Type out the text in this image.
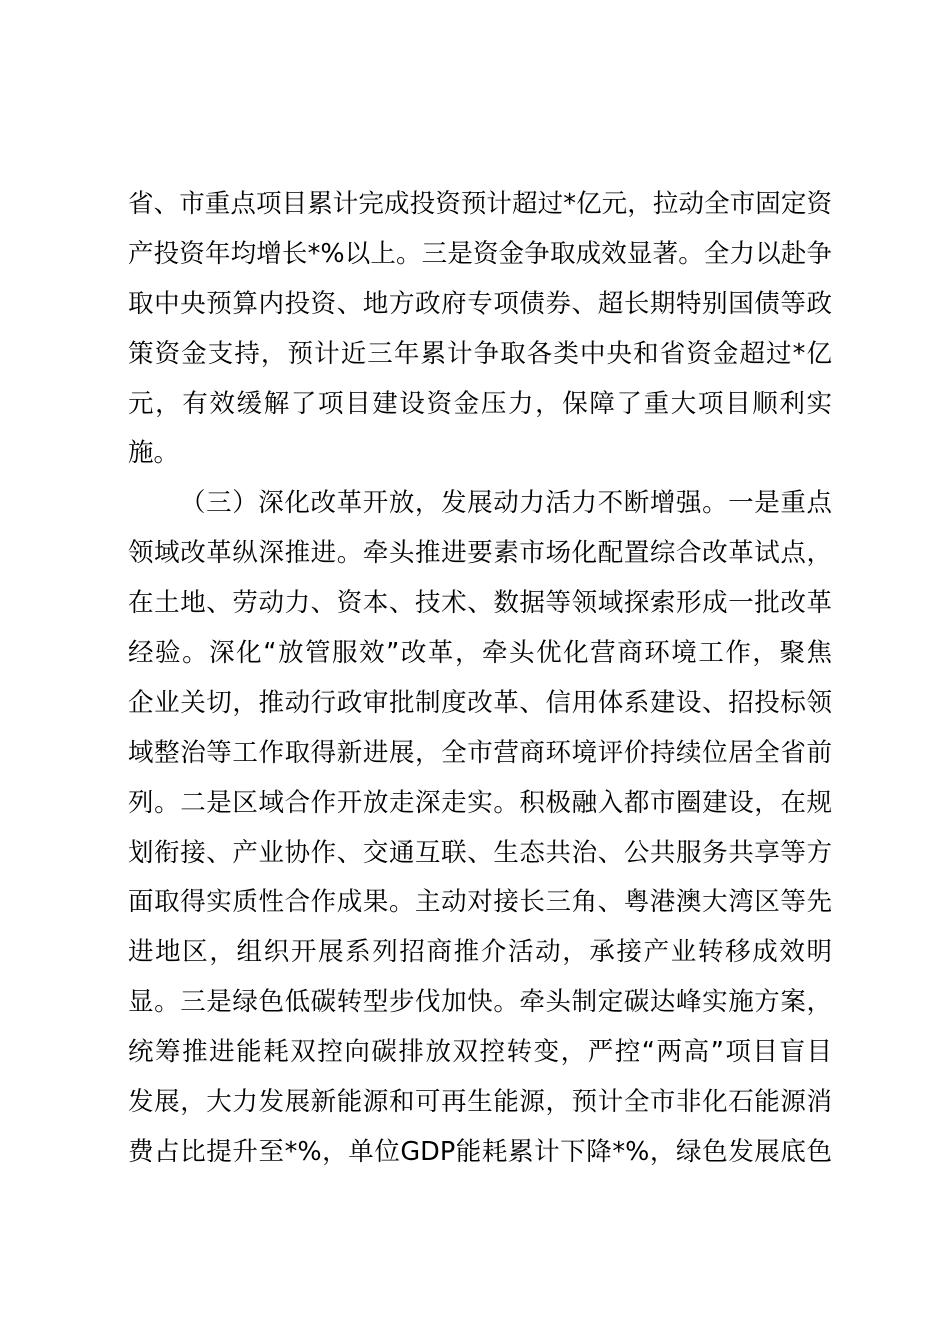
省、市重点项目累计完成投资预计超过*亿元，拉动全市固定资
产投资年均增长*%以上。三是资金争取成效显著。全力以赴争
取中央预算内投资、地方政府专项债券、超长期特别国债等政
策资金支持，预计近三年累计争取各类中央和省资金超过*亿
元，有效缓解了项目建设资金压力，保障了重大项目顺利实
施。
（三）深化改革开放，发展动力活力不断增强。一是重点
领域改革纵深推进。牵头推进要素市场化配置综合改革试点，
在土地、劳动力、资本、技术、数据等领域探索形成一批改革
经验。深化“放管服效”改革，牵头优化营商环境工作，聚焦
企业关切，推动行政审批制度改革、信用体系建设、招投标领
域整治等工作取得新进展，全市营商环境评价持续位居全省前
列。二是区域合作开放走深走实。积极融入都市圈建设，在规
划衔接、产业协作、交通互联、生态共治、公共服务共享等方
面取得实质性合作成果。主动对接长三角、粤港澳大湾区等先
进地区，组织开展系列招商推介活动，承接产业转移成效明
显。三是绿色低碳转型步伐加快。牵头制定碳达峰实施方案，
统筹推进能耗双控向碳排放双控转变，严控“两高”项目盲目
发展，大力发展新能源和可再生能源，预计全市非化石能源消
费占比提升至*%，单位GDP能耗累计下降*%，绿色发展底色
